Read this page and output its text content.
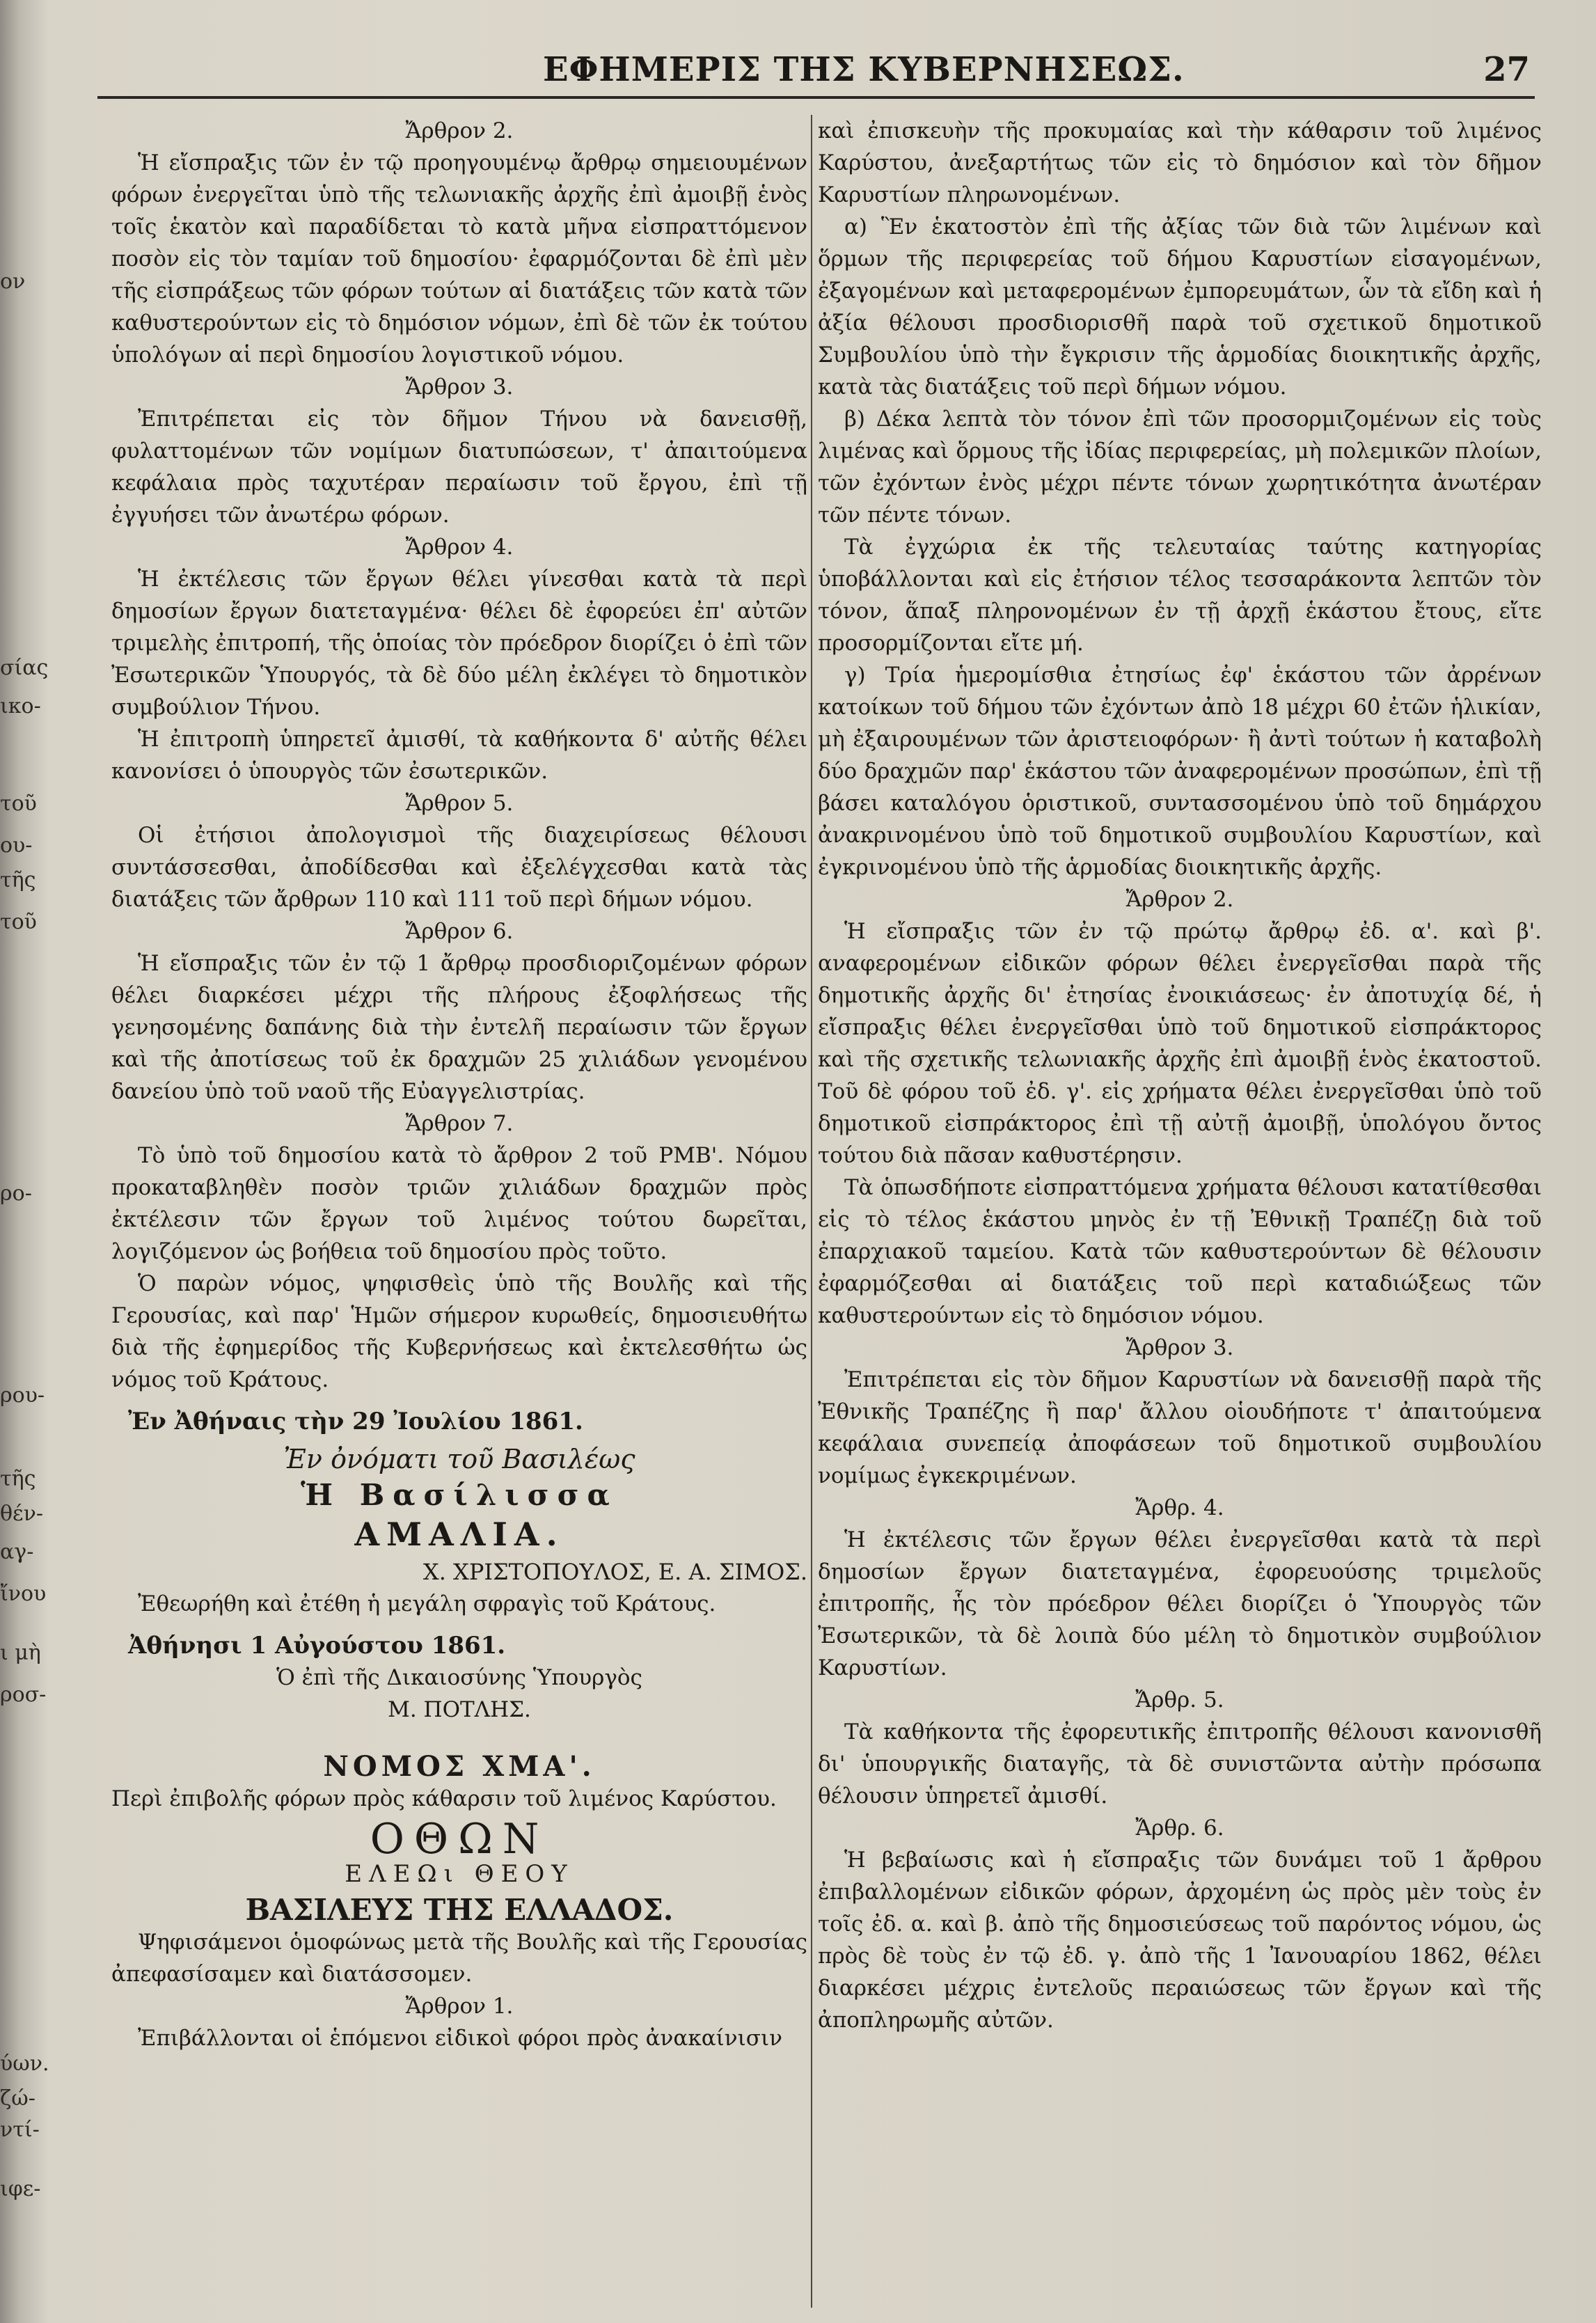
ον
σίας
ικο-
τοῦ
ου-
τῆς
τοῦ
ρο-
ρου-
τῆς
θέν-
αγ-
ἴνου
ι μὴ
ροσ-
ύων.
ζώ-
ντί-
ιφε-
ΕΦΗΜΕΡΙΣ ΤΗΣ ΚΥΒΕΡΝΗΣΕΩΣ.	27

Ἄρθρον 2.

Ἡ εἴσπραξις τῶν ἐν τῷ προηγουμένῳ ἄρθρῳ σημειουμένων φόρων ἐνεργεῖται ὑπὸ τῆς τελωνιακῆς ἀρχῆς ἐπὶ ἀμοιβῇ ἑνὸς τοῖς ἑκατὸν καὶ παραδίδεται τὸ κατὰ μῆνα εἰσπραττόμενον ποσὸν εἰς τὸν ταμίαν τοῦ δημοσίου· ἐφαρμόζονται δὲ ἐπὶ μὲν τῆς εἰσπράξεως τῶν φόρων τούτων αἱ διατάξεις τῶν κατὰ τῶν καθυστερούντων εἰς τὸ δημόσιον νόμων, ἐπὶ δὲ τῶν ἐκ τούτου ὑπολόγων αἱ περὶ δημοσίου λογιστικοῦ νόμου.

Ἄρθρον 3.

Ἐπιτρέπεται εἰς τὸν δῆμον Τήνου νὰ δανεισθῇ, φυλαττομένων τῶν νομίμων διατυπώσεων, τ' ἀπαιτούμενα κεφάλαια πρὸς ταχυτέραν περαίωσιν τοῦ ἔργου, ἐπὶ τῇ ἐγγυήσει τῶν ἀνωτέρω φόρων.

Ἄρθρον 4.

Ἡ ἐκτέλεσις τῶν ἔργων θέλει γίνεσθαι κατὰ τὰ περὶ δημοσίων ἔργων διατεταγμένα· θέλει δὲ ἐφορεύει ἐπ' αὐτῶν τριμελὴς ἐπιτροπή, τῆς ὁποίας τὸν πρόεδρον διορίζει ὁ ἐπὶ τῶν Ἐσωτερικῶν Ὑπουργός, τὰ δὲ δύο μέλη ἐκλέγει τὸ δημοτικὸν συμβούλιον Τήνου.

Ἡ ἐπιτροπὴ ὑπηρετεῖ ἀμισθί, τὰ καθήκοντα δ' αὐτῆς θέλει κανονίσει ὁ ὑπουργὸς τῶν ἐσωτερικῶν.

Ἄρθρον 5.

Οἱ ἐτήσιοι ἀπολογισμοὶ τῆς διαχειρίσεως θέλουσι συντάσσεσθαι, ἀποδίδεσθαι καὶ ἐξελέγχεσθαι κατὰ τὰς διατάξεις τῶν ἄρθρων 110 καὶ 111 τοῦ περὶ δήμων νόμου.

Ἄρθρον 6.

Ἡ εἴσπραξις τῶν ἐν τῷ 1 ἄρθρῳ προσδιοριζομένων φόρων θέλει διαρκέσει μέχρι τῆς πλήρους ἐξοφλήσεως τῆς γενησομένης δαπάνης διὰ τὴν ἐντελῆ περαίωσιν τῶν ἔργων καὶ τῆς ἀποτίσεως τοῦ ἐκ δραχμῶν 25 χιλιάδων γενομένου δανείου ὑπὸ τοῦ ναοῦ τῆς Εὐαγγελιστρίας.

Ἄρθρον 7.

Τὸ ὑπὸ τοῦ δημοσίου κατὰ τὸ ἄρθρον 2 τοῦ ΡΜΒ'. Νόμου προκαταβληθὲν ποσὸν τριῶν χιλιάδων δραχμῶν πρὸς ἐκτέλεσιν τῶν ἔργων τοῦ λιμένος τούτου δωρεῖται, λογιζόμενον ὡς βοήθεια τοῦ δημοσίου πρὸς τοῦτο.

Ὁ παρὼν νόμος, ψηφισθεὶς ὑπὸ τῆς Βουλῆς καὶ τῆς Γερουσίας, καὶ παρ' Ἡμῶν σήμερον κυρωθείς, δημοσιευθήτω διὰ τῆς ἐφημερίδος τῆς Κυβερνήσεως καὶ ἐκτελεσθήτω ὡς νόμος τοῦ Κράτους.

Ἐν Ἀθήναις τὴν 29 Ἰουλίου 1861.

Ἐν ὀνόματι τοῦ Βασιλέως

Ἡ Βασίλισσα

ΑΜΑΛΙΑ.

Χ. ΧΡΙΣΤΟΠΟΥΛΟΣ, Ε. Α. ΣΙΜΟΣ.

Ἐθεωρήθη καὶ ἐτέθη ἡ μεγάλη σφραγὶς τοῦ Κράτους.

Ἀθήνησι 1 Αὐγούστου 1861.

Ὁ ἐπὶ τῆς Δικαιοσύνης Ὑπουργὸς

Μ. ΠΟΤΛΗΣ.

ΝΟΜΟΣ ΧΜΑ'.

Περὶ ἐπιβολῆς φόρων πρὸς κάθαρσιν τοῦ λιμένος Καρύστου.

ΟΘΩΝ

ΕΛΕΩι ΘΕΟΥ

ΒΑΣΙΛΕΥΣ ΤΗΣ ΕΛΛΑΔΟΣ.

Ψηφισάμενοι ὁμοφώνως μετὰ τῆς Βουλῆς καὶ τῆς Γερουσίας ἀπεφασίσαμεν καὶ διατάσσομεν.

Ἄρθρον 1.

Ἐπιβάλλονται οἱ ἑπόμενοι εἰδικοὶ φόροι πρὸς ἀνακαίνισιν

καὶ ἐπισκευὴν τῆς προκυμαίας καὶ τὴν κάθαρσιν τοῦ λιμένος Καρύστου, ἀνεξαρτήτως τῶν εἰς τὸ δημόσιον καὶ τὸν δῆμον Καρυστίων πληρωνομένων.

α) Ἓν ἑκατοστὸν ἐπὶ τῆς ἀξίας τῶν διὰ τῶν λιμένων καὶ ὅρμων τῆς περιφερείας τοῦ δήμου Καρυστίων εἰσαγομένων, ἐξαγομένων καὶ μεταφερομένων ἐμπορευμάτων, ὧν τὰ εἴδη καὶ ἡ ἀξία θέλουσι προσδιορισθῆ παρὰ τοῦ σχετικοῦ δημοτικοῦ Συμβουλίου ὑπὸ τὴν ἔγκρισιν τῆς ἁρμοδίας διοικητικῆς ἀρχῆς, κατὰ τὰς διατάξεις τοῦ περὶ δήμων νόμου.

β) Δέκα λεπτὰ τὸν τόνον ἐπὶ τῶν προσορμιζομένων εἰς τοὺς λιμένας καὶ ὅρμους τῆς ἰδίας περιφερείας, μὴ πολεμικῶν πλοίων, τῶν ἐχόντων ἐνὸς μέχρι πέντε τόνων χωρητικότητα ἀνωτέραν τῶν πέντε τόνων.

Τὰ ἐγχώρια ἐκ τῆς τελευταίας ταύτης κατηγορίας ὑποβάλλονται καὶ εἰς ἐτήσιον τέλος τεσσαράκοντα λεπτῶν τὸν τόνον, ἅπαξ πληρονομένων ἐν τῇ ἀρχῇ ἑκάστου ἔτους, εἴτε προσορμίζονται εἴτε μή.

γ) Τρία ἡμερομίσθια ἐτησίως ἐφ' ἑκάστου τῶν ἀρρένων κατοίκων τοῦ δήμου τῶν ἐχόντων ἀπὸ 18 μέχρι 60 ἐτῶν ἡλικίαν, μὴ ἐξαιρουμένων τῶν ἀριστειοφόρων· ἢ ἀντὶ τούτων ἡ καταβολὴ δύο δραχμῶν παρ' ἑκάστου τῶν ἀναφερομένων προσώπων, ἐπὶ τῇ βάσει καταλόγου ὁριστικοῦ, συντασσομένου ὑπὸ τοῦ δημάρχου ἀνακρινομένου ὑπὸ τοῦ δημοτικοῦ συμβουλίου Καρυστίων, καὶ ἐγκρινομένου ὑπὸ τῆς ἁρμοδίας διοικητικῆς ἀρχῆς.

Ἄρθρον 2.

Ἡ εἴσπραξις τῶν ἐν τῷ πρώτῳ ἄρθρῳ ἐδ. α'. καὶ β'. αναφερομένων εἰδικῶν φόρων θέλει ἐνεργεῖσθαι παρὰ τῆς δημοτικῆς ἀρχῆς δι' ἐτησίας ἐνοικιάσεως· ἐν ἀποτυχίᾳ δέ, ἡ εἴσπραξις θέλει ἐνεργεῖσθαι ὑπὸ τοῦ δημοτικοῦ εἰσπράκτορος καὶ τῆς σχετικῆς τελωνιακῆς ἀρχῆς ἐπὶ ἀμοιβῇ ἑνὸς ἑκατοστοῦ. Τοῦ δὲ φόρου τοῦ ἐδ. γ'. εἰς χρήματα θέλει ἐνεργεῖσθαι ὑπὸ τοῦ δημοτικοῦ εἰσπράκτορος ἐπὶ τῇ αὐτῇ ἀμοιβῇ, ὑπολόγου ὄντος τούτου διὰ πᾶσαν καθυστέρησιν.

Τὰ ὁπωσδήποτε εἰσπραττόμενα χρήματα θέλουσι κατατίθεσθαι εἰς τὸ τέλος ἑκάστου μηνὸς ἐν τῇ Ἐθνικῇ Τραπέζῃ διὰ τοῦ ἐπαρχιακοῦ ταμείου. Κατὰ τῶν καθυστερούντων δὲ θέλουσιν ἐφαρμόζεσθαι αἱ διατάξεις τοῦ περὶ καταδιώξεως τῶν καθυστερούντων εἰς τὸ δημόσιον νόμου.

Ἄρθρον 3.

Ἐπιτρέπεται εἰς τὸν δῆμον Καρυστίων νὰ δανεισθῇ παρὰ τῆς Ἐθνικῆς Τραπέζης ἢ παρ' ἄλλου οἱουδήποτε τ' ἀπαιτούμενα κεφάλαια συνεπείᾳ ἀποφάσεων τοῦ δημοτικοῦ συμβουλίου νομίμως ἐγκεκριμένων.

Ἄρθρ. 4.

Ἡ ἐκτέλεσις τῶν ἔργων θέλει ἐνεργεῖσθαι κατὰ τὰ περὶ δημοσίων ἔργων διατεταγμένα, ἐφορευούσης τριμελοῦς ἐπιτροπῆς, ἧς τὸν πρόεδρον θέλει διορίζει ὁ Ὑπουργὸς τῶν Ἐσωτερικῶν, τὰ δὲ λοιπὰ δύο μέλη τὸ δημοτικὸν συμβούλιον Καρυστίων.

Ἄρθρ. 5.

Τὰ καθήκοντα τῆς ἐφορευτικῆς ἐπιτροπῆς θέλουσι κανονισθῆ δι' ὑπουργικῆς διαταγῆς, τὰ δὲ συνιστῶντα αὐτὴν πρόσωπα θέλουσιν ὑπηρετεῖ ἀμισθί.

Ἄρθρ. 6.

Ἡ βεβαίωσις καὶ ἡ εἴσπραξις τῶν δυνάμει τοῦ 1 ἄρθρου ἐπιβαλλομένων εἰδικῶν φόρων, ἀρχομένη ὡς πρὸς μὲν τοὺς ἐν τοῖς ἐδ. α. καὶ β. ἀπὸ τῆς δημοσιεύσεως τοῦ παρόντος νόμου, ὡς πρὸς δὲ τοὺς ἐν τῷ ἐδ. γ. ἀπὸ τῆς 1 Ἰανουαρίου 1862, θέλει διαρκέσει μέχρις ἐντελοῦς περαιώσεως τῶν ἔργων καὶ τῆς ἀποπληρωμῆς αὐτῶν.
